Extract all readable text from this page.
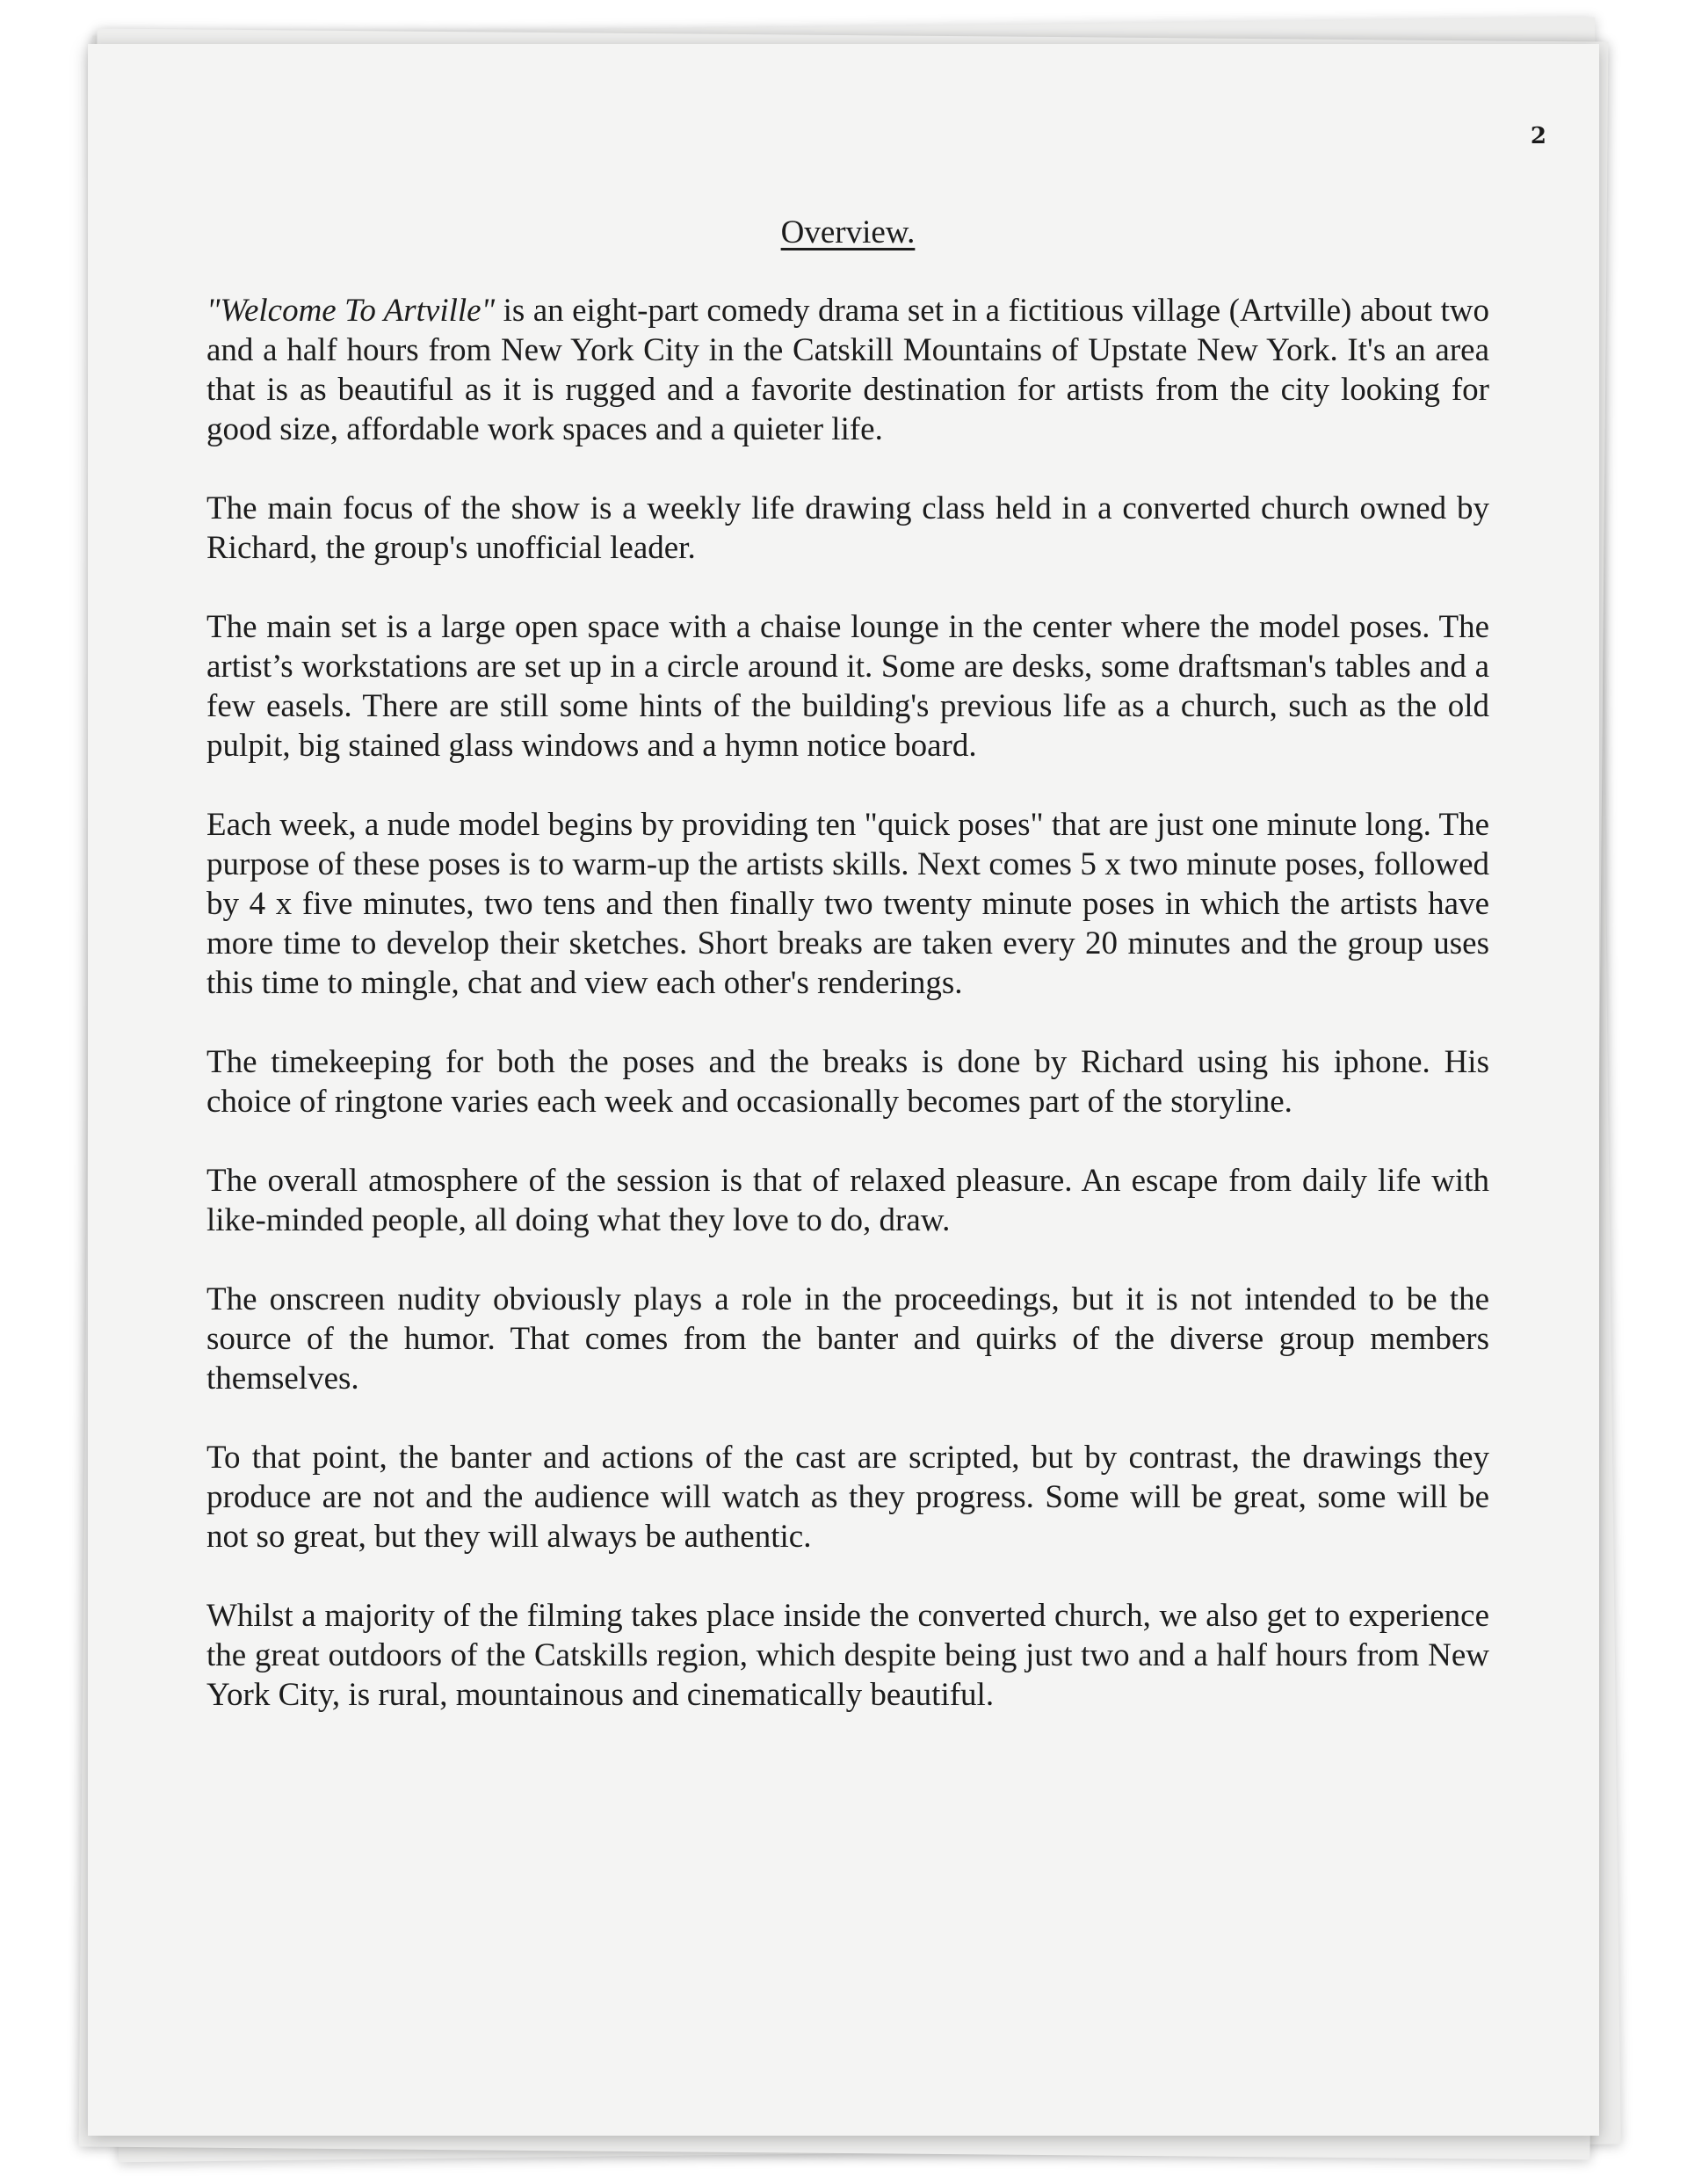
2
Overview.

"Welcome To Artville" is an eight-part comedy drama set in a fictitious village (Artville) about two and a half hours from New York City in the Catskill Mountains of Upstate New York. It's an area that is as beautiful as it is rugged and a favorite destination for artists from the city looking for good size, affordable work spaces and a quieter life.

The main focus of the show is a weekly life drawing class held in a converted church owned by Richard, the group's unofficial leader.

The main set is a large open space with a chaise lounge in the center where the model poses. The artist’s workstations are set up in a circle around it. Some are desks, some draftsman's tables and a few easels. There are still some hints of the building's previous life as a church, such as the old pulpit, big stained glass windows and a hymn notice board.

Each week, a nude model begins by providing ten "quick poses" that are just one minute long. The purpose of these poses is to warm-up the artists skills. Next comes 5 x two minute poses, followed by 4 x five minutes, two tens and then finally two twenty minute poses in which the artists have more time to develop their sketches. Short breaks are taken every 20 minutes and the group uses this time to mingle, chat and view each other's renderings.

The timekeeping for both the poses and the breaks is done by Richard using his iphone. His choice of ringtone varies each week and occasionally becomes part of the storyline.

The overall atmosphere of the session is that of relaxed pleasure. An escape from daily life with like-minded people, all doing what they love to do, draw.

The onscreen nudity obviously plays a role in the proceedings, but it is not intended to be the source of the humor. That comes from the banter and quirks of the diverse group members themselves.

To that point, the banter and actions of the cast are scripted, but by contrast, the drawings they produce are not and the audience will watch as they progress. Some will be great, some will be not so great, but they will always be authentic.

Whilst a majority of the filming takes place inside the converted church, we also get to experience the great outdoors of the Catskills region, which despite being just two and a half hours from New York City, is rural, mountainous and cinematically beautiful.
